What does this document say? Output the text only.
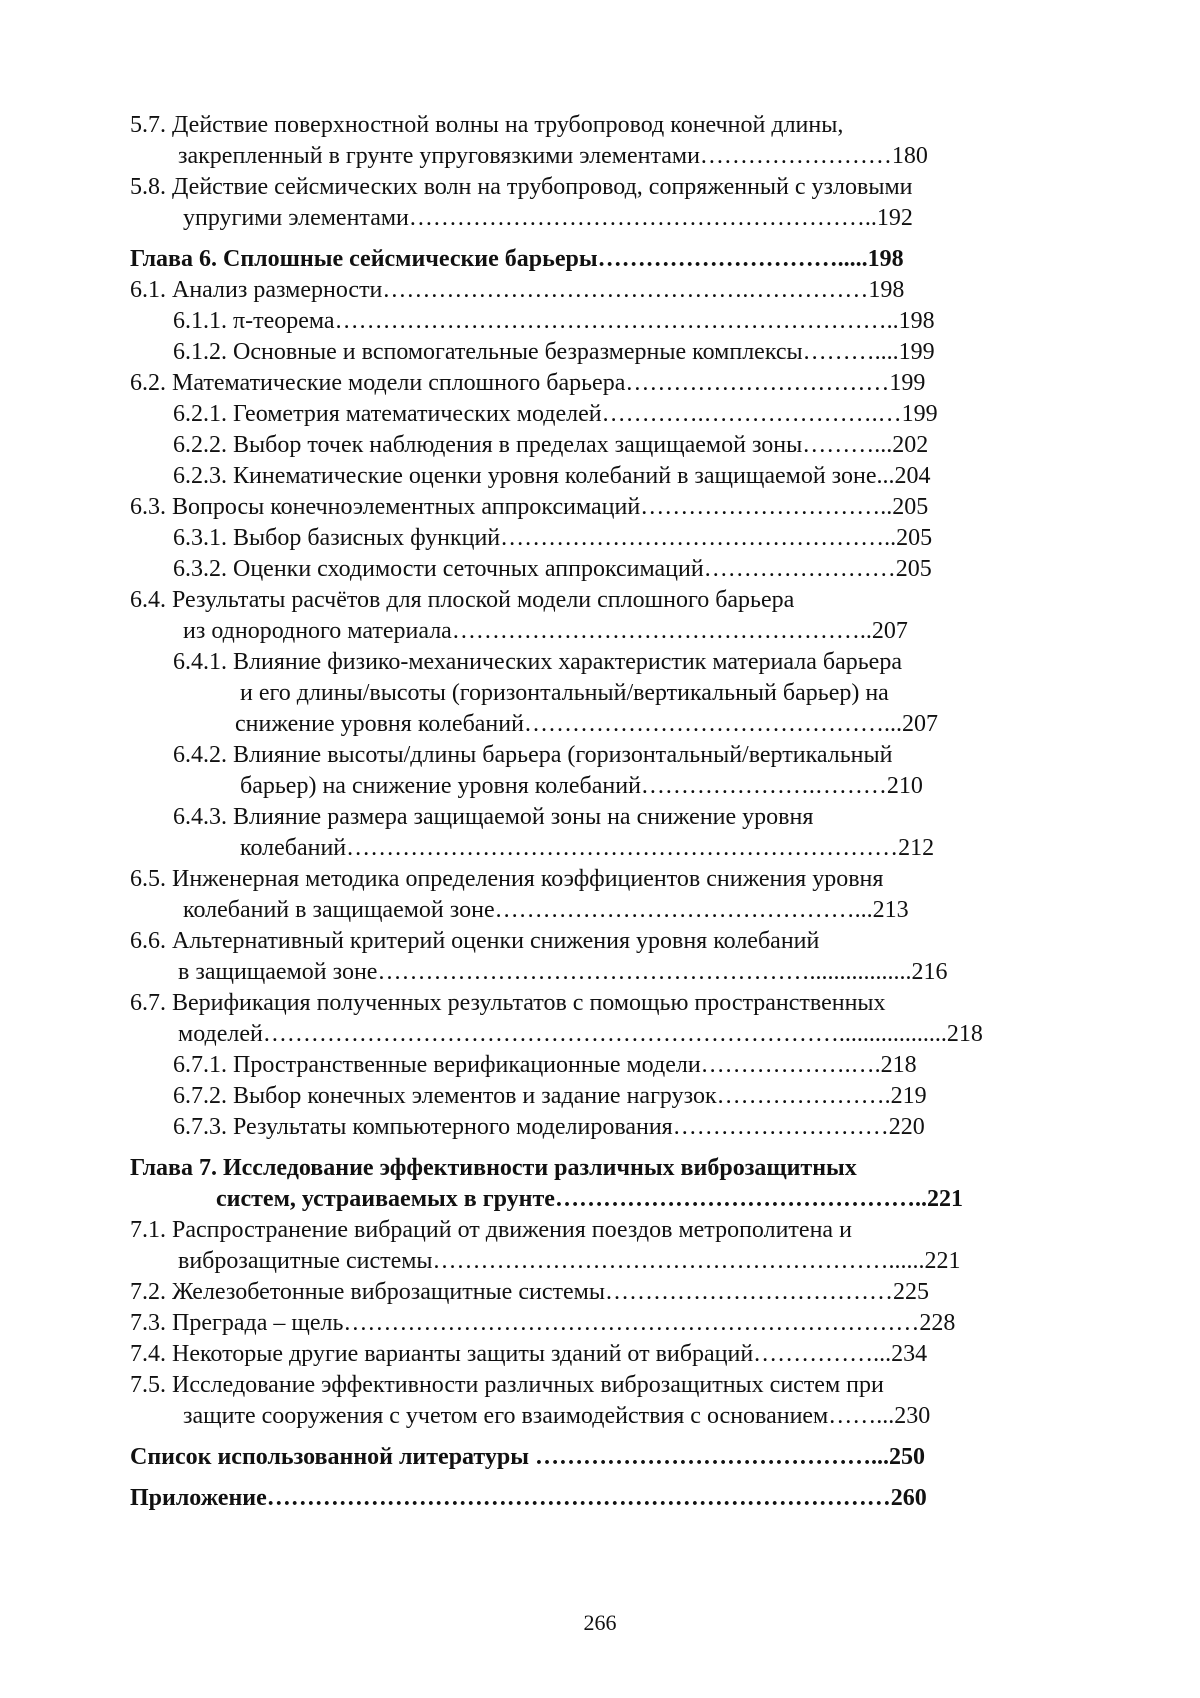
5.7. Действие поверхностной волны на трубопровод конечной длины,
закрепленный в грунте упруговязкими элементами……………………180
5.8. Действие сейсмических волн на трубопровод, сопряженный с узловыми
упругими элементами…………………………………………………..192
Глава 6. Сплошные сейсмические барьеры………………………….....198
6.1. Анализ размерности……………………………………….……………198
6.1.1. π-теорема……………………………………………………………..198
6.1.2. Основные и вспомогательные безразмерные комплексы………....199
6.2. Математические модели сплошного барьера……………………………199
6.2.1. Геометрия математических моделей………….………………….…199
6.2.2. Выбор точек наблюдения в пределах защищаемой зоны………...202
6.2.3. Кинематические оценки уровня колебаний в защищаемой зоне...204
6.3. Вопросы конечноэлементных аппроксимаций…………………………..205
6.3.1. Выбор базисных функций…………………………………………..205
6.3.2. Оценки сходимости сеточных аппроксимаций……………………205
6.4. Результаты расчётов для плоской модели сплошного барьера
из однородного материала……………………………………………..207
6.4.1. Влияние физико-механических характеристик материала барьера
и его длины/высоты (горизонтальный/вертикальный барьер) на
снижение уровня колебаний………………………………………...207
6.4.2. Влияние высоты/длины барьера (горизонтальный/вертикальный
барьер) на снижение уровня колебаний………………….………210
6.4.3. Влияние размера защищаемой зоны на снижение уровня
колебаний……………………………………………………………212
6.5. Инженерная методика определения коэффициентов снижения уровня
колебаний в защищаемой зоне………………………………………...213
6.6. Альтернативный критерий оценки снижения уровня колебаний
в защищаемой зоне……………………………………………….................216
6.7. Верификация полученных результатов с помощью пространственных
моделей………………………………………………………………..................218
6.7.1. Пространственные верификационные модели……………….….218
6.7.2. Выбор конечных элементов и задание нагрузок………………….219
6.7.3. Результаты компьютерного моделирования………………………220
Глава 7. Исследование эффективности различных виброзащитных
систем, устраиваемых в грунте………………………………………..221
7.1. Распространение вибраций от движения поездов метрополитена и
виброзащитные системы…………………………………………………......221
7.2. Железобетонные виброзащитные системы………………………………225
7.3. Преграда – щель………………………………………………………………228
7.4. Некоторые другие варианты защиты зданий от вибраций……………...234
7.5. Исследование эффективности различных виброзащитных систем при
защите сооружения с учетом его взаимодействия с основанием……...230
Список использованной литературы ……………………………………...250
Приложение……………………………………………………………………260
266
